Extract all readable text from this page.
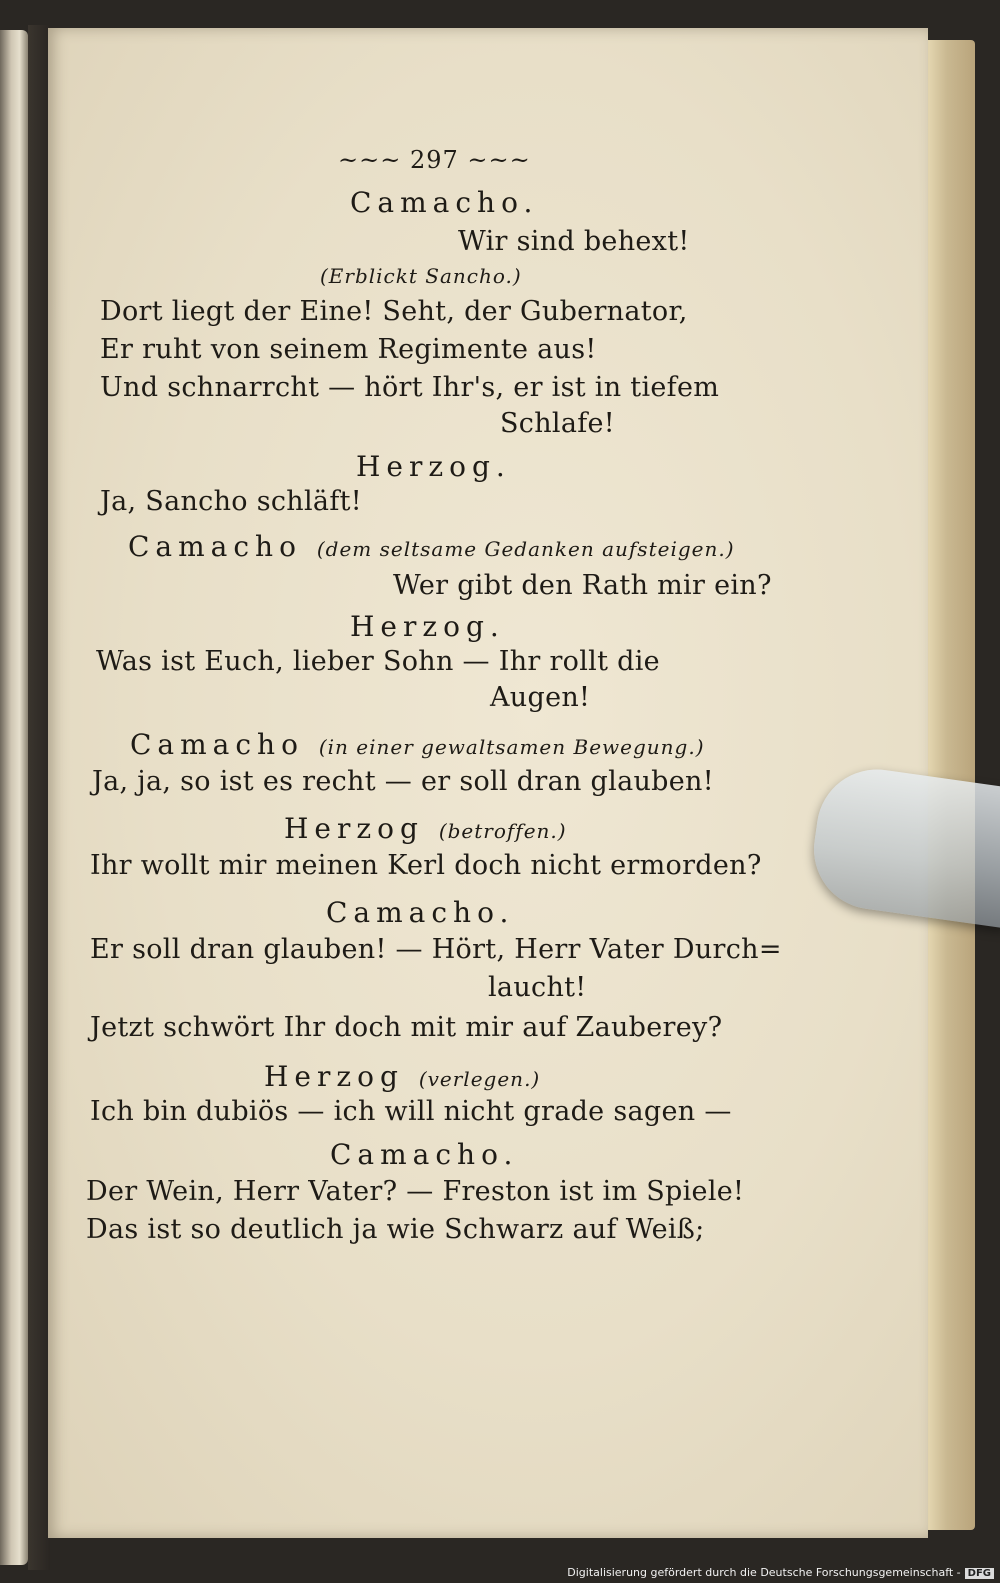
~~~ 297 ~~~
Camacho.
Wir sind behext!
(Erblickt Sancho.)
Dort liegt der Eine! Seht, der Gubernator,
Er ruht von seinem Regimente aus!
Und schnarrcht — hört Ihr's, er ist in tiefem
Schlafe!
Herzog.
Ja, Sancho schläft!
Camacho (dem seltsame Gedanken aufsteigen.)
Wer gibt den Rath mir ein?
Herzog.
Was ist Euch, lieber Sohn — Ihr rollt die
Augen!
Camacho (in einer gewaltsamen Bewegung.)
Ja, ja, so ist es recht — er soll dran glauben!
Herzog (betroffen.)
Ihr wollt mir meinen Kerl doch nicht ermorden?
Camacho.
Er soll dran glauben! — Hört, Herr Vater Durch=
laucht!
Jetzt schwört Ihr doch mit mir auf Zauberey?
Herzog (verlegen.)
Ich bin dubiös — ich will nicht grade sagen —
Camacho.
Der Wein, Herr Vater? — Freston ist im Spiele!
Das ist so deutlich ja wie Schwarz auf Weiß;
Digitalisierung gefördert durch die Deutsche Forschungsgemeinschaft - DFG
